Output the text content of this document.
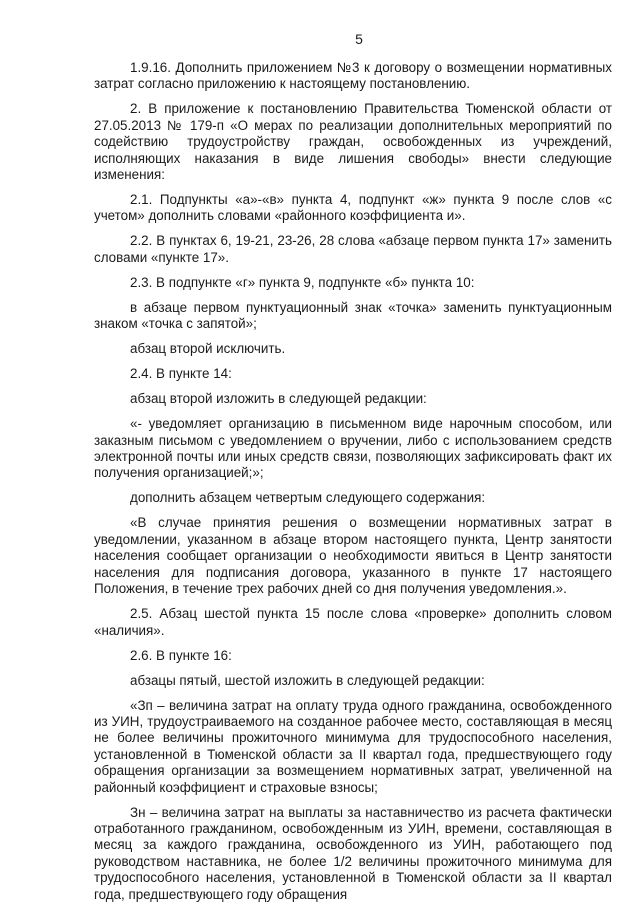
5

1.9.16. Дополнить приложением №3 к договору о возмещении нормативных затрат согласно приложению к настоящему постановлению.

2. В приложение к постановлению Правительства Тюменской области от 27.05.2013 № 179-п «О мерах по реализации дополнительных мероприятий по содействию трудоустройству граждан, освобожденных из учреждений, исполняющих наказания в виде лишения свободы» внести следующие изменения:

2.1. Подпункты «а»-«в» пункта 4, подпункт «ж» пункта 9 после слов «с учетом» дополнить словами «районного коэффициента и».

2.2. В пунктах 6, 19-21, 23-26, 28 слова «абзаце первом пункта 17» заменить словами «пункте 17».

2.3. В подпункте «г» пункта 9, подпункте «б» пункта 10:

в абзаце первом пунктуационный знак «точка» заменить пунктуационным знаком «точка с запятой»;

абзац второй исключить.

2.4. В пункте 14:

абзац второй изложить в следующей редакции:

«- уведомляет организацию в письменном виде нарочным способом, или заказным письмом с уведомлением о вручении, либо с использованием средств электронной почты или иных средств связи, позволяющих зафиксировать факт их получения организацией;»;

дополнить абзацем четвертым следующего содержания:

«В случае принятия решения о возмещении нормативных затрат в уведомлении, указанном в абзаце втором настоящего пункта, Центр занятости населения сообщает организации о необходимости явиться в Центр занятости населения для подписания договора, указанного в пункте 17 настоящего Положения, в течение трех рабочих дней со дня получения уведомления.».

2.5. Абзац шестой пункта 15 после слова «проверке» дополнить словом «наличия».

2.6. В пункте 16:

абзацы пятый, шестой изложить в следующей редакции:

«Зп – величина затрат на оплату труда одного гражданина, освобожденного из УИН, трудоустраиваемого на созданное рабочее место, составляющая в месяц не более величины прожиточного минимума для трудоспособного населения, установленной в Тюменской области за II квартал года, предшествующего году обращения организации за возмещением нормативных затрат, увеличенной на районный коэффициент и страховые взносы;

Зн – величина затрат на выплаты за наставничество из расчета фактически отработанного гражданином, освобожденным из УИН, времени, составляющая в месяц за каждого гражданина, освобожденного из УИН, работающего под руководством наставника, не более 1/2 величины прожиточного минимума для трудоспособного населения, установленной в Тюменской области за II квартал года, предшествующего году обращения
